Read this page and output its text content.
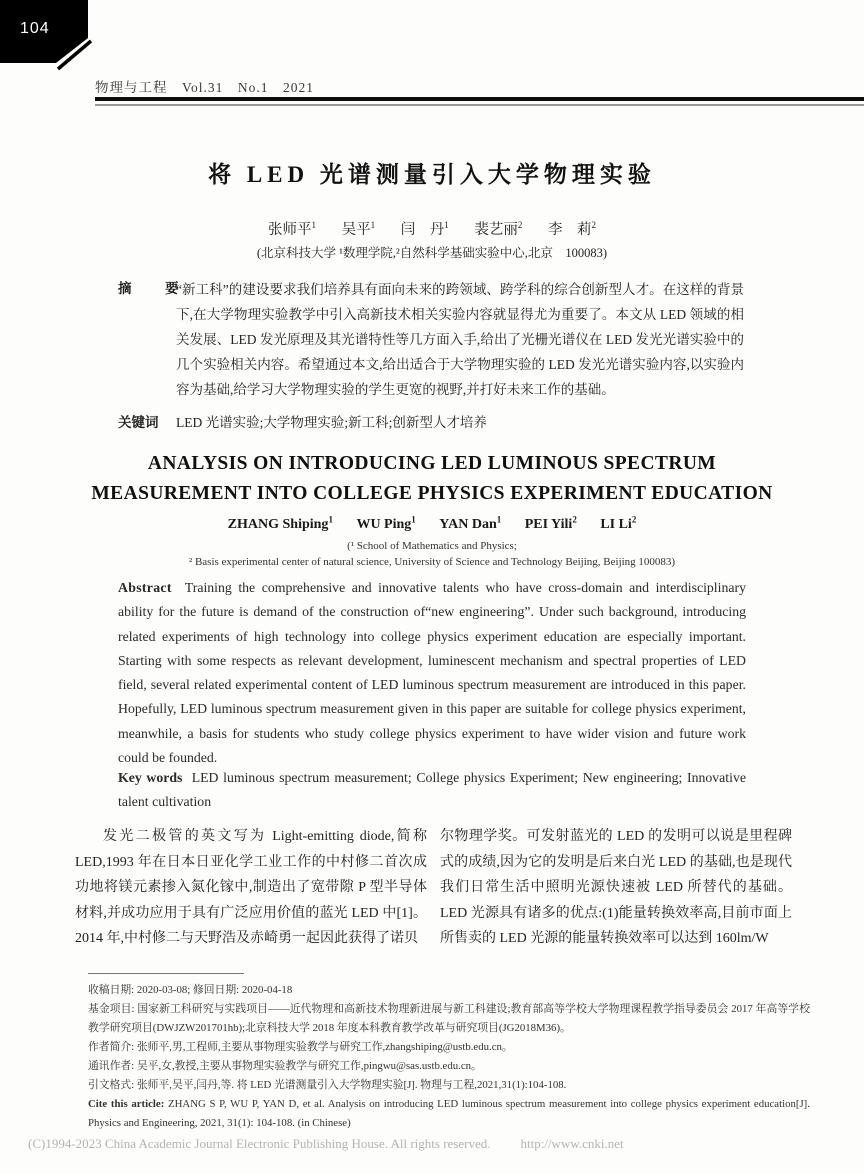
104
物理与工程　Vol.31　No.1　2021
将 LED 光谱测量引入大学物理实验
张师平$^1$ 吴平$^1$ 闫　丹$^1$ 裴艺丽$^2$ 李　莉$^2$
(北京科技大学 ¹数理学院,²自然科学基础实验中心,北京　100083)
摘　要
“新工科”的建设要求我们培养具有面向未来的跨领域、跨学科的综合创新型人才。在这样的背景下,在大学物理实验教学中引入高新技术相关实验内容就显得尤为重要了。本文从 LED 领域的相关发展、LED 发光原理及其光谱特性等几方面入手,给出了光栅光谱仪在 LED 发光光谱实验中的几个实验相关内容。希望通过本文,给出适合于大学物理实验的 LED 发光光谱实验内容,以实验内容为基础,给学习大学物理实验的学生更宽的视野,并打好未来工作的基础。
关键词 LED 光谱实验;大学物理实验;新工科;创新型人才培养
ANALYSIS ON INTRODUCING LED LUMINOUS SPECTRUM
MEASUREMENT INTO COLLEGE PHYSICS EXPERIMENT EDUCATION
ZHANG Shiping$^1$ WU Ping$^1$ YAN Dan$^1$ PEI Yili$^2$ LI Li$^2$
(¹ School of Mathematics and Physics;
² Basis experimental center of natural science, University of Science and Technology Beijing, Beijing 100083)
Abstract Training the comprehensive and innovative talents who have cross-domain and interdisciplinary ability for the future is demand of the construction of“new engineering”. Under such background, introducing related experiments of high technology into college physics experiment education are especially important. Starting with some respects as relevant development, luminescent mechanism and spectral properties of LED field, several related experimental content of LED luminous spectrum measurement are introduced in this paper. Hopefully, LED luminous spectrum measurement given in this paper are suitable for college physics experiment, meanwhile, a basis for students who study college physics experiment to have wider vision and future work could be founded.
Key words LED luminous spectrum measurement; College physics Experiment; New engineering; Innovative talent cultivation

发光二极管的英文写为 Light-emitting diode,简称 LED,1993 年在日本日亚化学工业工作的中村修二首次成功地将镁元素掺入氮化镓中,制造出了宽带隙 P 型半导体材料,并成功应用于具有广泛应用价值的蓝光 LED 中[1]。2014 年,中村修二与天野浩及赤崎勇一起因此获得了诺贝

尔物理学奖。可发射蓝光的 LED 的发明可以说是里程碑式的成绩,因为它的发明是后来白光 LED 的基础,也是现代我们日常生活中照明光源快速被 LED 所替代的基础。LED 光源具有诸多的优点:(1)能量转换效率高,目前市面上所售卖的 LED 光源的能量转换效率可以达到 160lm/W

收稿日期: 2020-03-08; 修回日期: 2020-04-18

基金项目: 国家新工科研究与实践项目——近代物理和高新技术物理新进展与新工科建设;教育部高等学校大学物理课程教学指导委员会 2017 年高等学校教学研究项目(DWJZW201701hb);北京科技大学 2018 年度本科教育教学改革与研究项目(JG2018M36)。

作者简介: 张师平,男,工程师,主要从事物理实验教学与研究工作,zhangshiping@ustb.edu.cn。

通讯作者: 吴平,女,教授,主要从事物理实验教学与研究工作,pingwu@sas.ustb.edu.cn。

引文格式: 张师平,吴平,闫丹,等. 将 LED 光谱测量引入大学物理实验[J]. 物理与工程,2021,31(1):104-108.

Cite this article: ZHANG S P, WU P, YAN D, et al. Analysis on introducing LED luminous spectrum measurement into college physics experiment education[J]. Physics and Engineering, 2021, 31(1): 104-108. (in Chinese)

(C)1994-2023 China Academic Journal Electronic Publishing House. All rights reserved. http://www.cnki.net
